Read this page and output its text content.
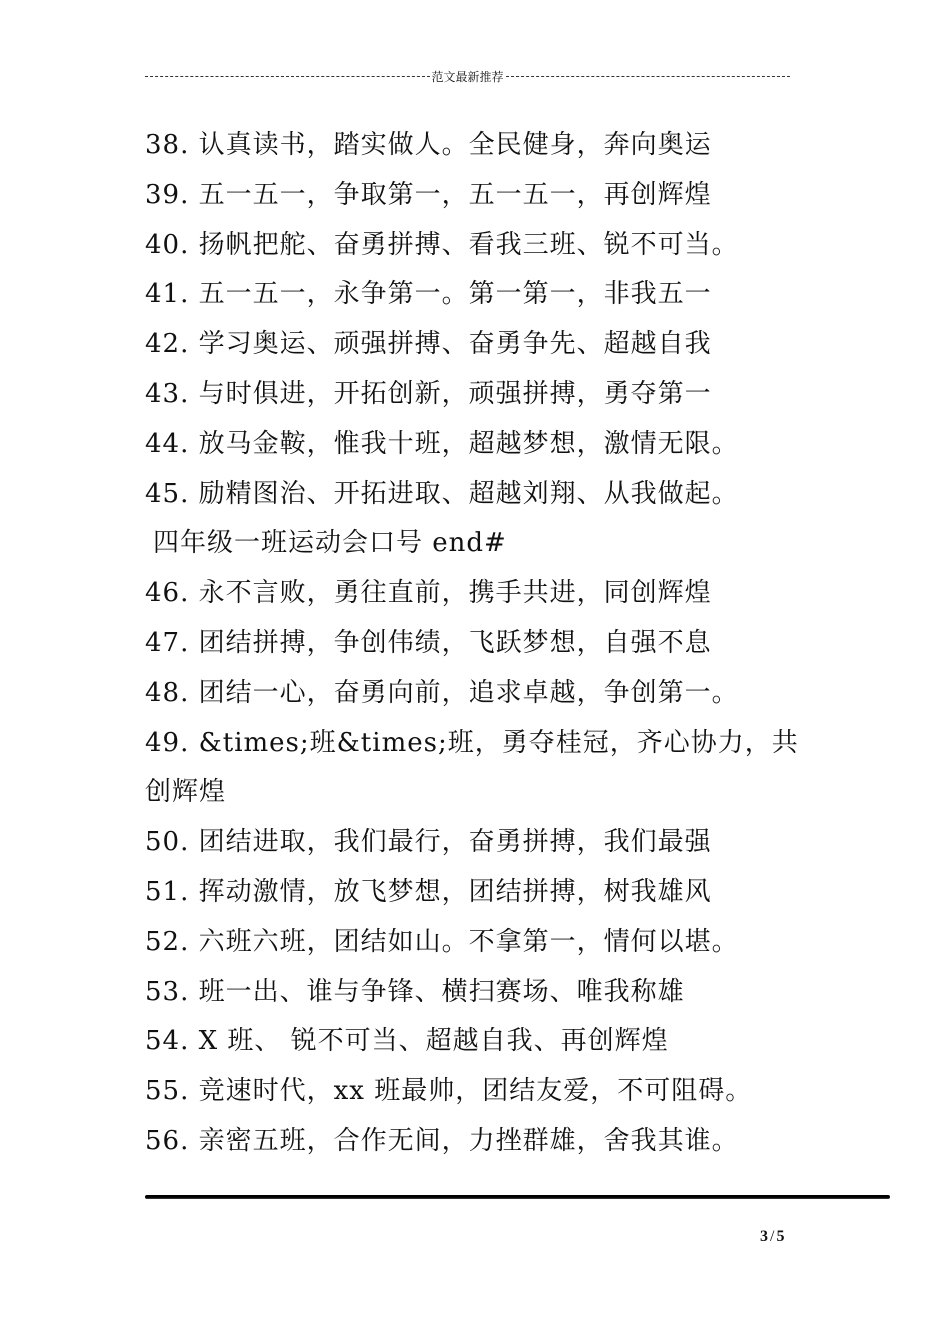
范文最新推荐
38. 认真读书，踏实做人。全民健身，奔向奥运
39. 五一五一，争取第一，五一五一，再创辉煌
40. 扬帆把舵、奋勇拼搏、看我三班、锐不可当。
41. 五一五一，永争第一。第一第一，非我五一
42. 学习奥运、顽强拼搏、奋勇争先、超越自我
43. 与时俱进，开拓创新，顽强拼搏，勇夺第一
44. 放马金鞍，惟我十班，超越梦想，激情无限。
45. 励精图治、开拓进取、超越刘翔、从我做起。
四年级一班运动会口号 end#
46. 永不言败，勇往直前，携手共进，同创辉煌
47. 团结拼搏，争创伟绩，飞跃梦想，自强不息
48. 团结一心，奋勇向前，追求卓越，争创第一。
49. &times;班&times;班，勇夺桂冠，齐心协力，共创辉煌
50. 团结进取，我们最行，奋勇拼搏，我们最强
51. 挥动激情，放飞梦想，团结拼搏，树我雄风
52. 六班六班，团结如山。不拿第一，情何以堪。
53. 班一出、谁与争锋、横扫赛场、唯我称雄
54. X 班、 锐不可当、超越自我、再创辉煌
55. 竞速时代，xx 班最帅，团结友爱，不可阻碍。
56. 亲密五班，合作无间，力挫群雄，舍我其谁。
3 / 5
